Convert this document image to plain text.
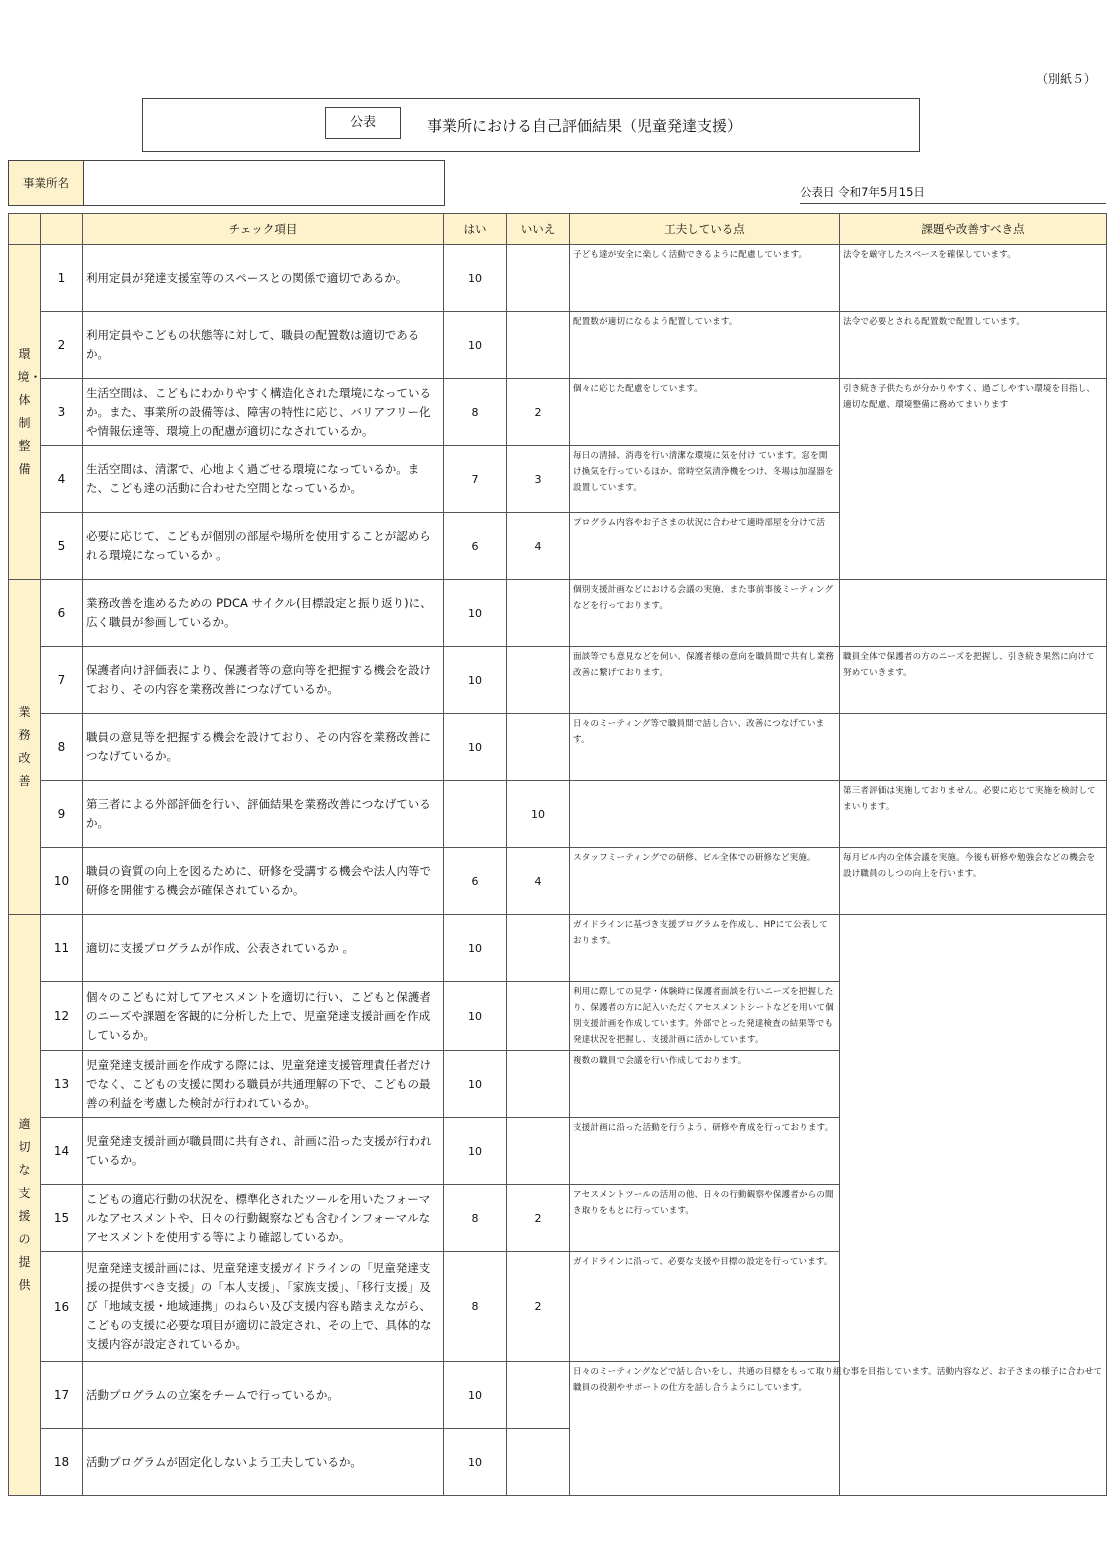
（別紙５）
公表	事業所における自己評価結果（児童発達支援）
事業所名	
公表日 令和7年5月15日
		チェック項目	はい	いいえ	工夫している点	課題や改善すべき点

環境・体制整備	1	利用定員が発達支援室等のスペースとの関係で適切であるか。	10		子ども達が安全に楽しく活動できるように配慮しています。	法令を厳守したスペースを確保しています。
	2	利用定員やこどもの状態等に対して、職員の配置数は適切であるか。	10		配置数が適切になるよう配置しています。	法令で必要とされる配置数で配置しています。
	3	生活空間は、こどもにわかりやすく構造化された環境になっているか。また、事業所の設備等は、障害の特性に応じ、バリアフリー化や情報伝達等、環境上の配慮が適切になされているか。	8	2	個々に応じた配慮をしています。	引き続き子供たちが分かりやすく、過ごしやすい環境を目指し、適切な配慮、環境整備に務めてまいります
	4	生活空間は、清潔で、心地よく過ごせる環境になっているか。また、こども達の活動に合わせた空間となっているか。	7	3	毎日の清掃、消毒を行い清潔な環境に気を付け ています。窓を開け換気を行っているほか、常時空気清浄機をつけ、冬場は加湿器を設置しています。	
	5	必要に応じて、こどもが個別の部屋や場所を使用することが認められる環境になっているか 。	6	4	プログラム内容やお子さまの状況に合わせて適時部屋を分けて活	

業務改善	6	業務改善を進めるための PDCA サイクル(目標設定と振り返り)に、広く職員が参画しているか。	10		個別支援計画などにおける会議の実施、また事前事後ミーティングなどを行っております。	
	7	保護者向け評価表により、保護者等の意向等を把握する機会を設けており、その内容を業務改善につなげているか。	10		面談等でも意見などを伺い、保護者様の意向を職員間で共有し業務改善に繋げております。	職員全体で保護者の方のニーズを把握し、引き続き果然に向けて努めていきます。
	8	職員の意見等を把握する機会を設けており、その内容を業務改善につなげているか。	10		日々のミーティング等で職員間で話し合い、改善につなげています。	
	9	第三者による外部評価を行い、評価結果を業務改善につなげているか。		10		第三者評価は実施しておりません。必要に応じて実施を検討してまいります。
	10	職員の資質の向上を図るために、研修を受講する機会や法人内等で研修を開催する機会が確保されているか。	6	4	スタッフミーティングでの研修、ビル全体での研修など実施。	毎月ビル内の全体会議を実施。今後も研修や勉強会などの機会を設け職員のしつの向上を行います。

適切な支援の提供	11	適切に支援プログラムが作成、公表されているか 。	10		ガイドラインに基づき支援プログラムを作成し、HPにて公表しております。	
	12	個々のこどもに対してアセスメントを適切に行い、こどもと保護者のニーズや課題を客観的に分析した上で、児童発達支援計画を作成しているか。	10		利用に際しての見学・体験時に保護者面談を行いニーズを把握したり、保護者の方に記入いただくアセスメントシートなどを用いて個別支援計画を作成しています。外部でとった発達検査の結果等でも発達状況を把握し、支援計画に活かしています。	
	13	児童発達支援計画を作成する際には、児童発達支援管理責任者だけでなく、こどもの支援に関わる職員が共通理解の下で、こどもの最善の利益を考慮した検討が行われているか。	10		複数の職員で会議を行い作成しております。	
	14	児童発達支援計画が職員間に共有され、計画に沿った支援が行われているか。	10		支援計画に沿った活動を行うよう、研修や育成を行っております。	
	15	こどもの適応行動の状況を、標準化されたツールを用いたフォーマルなアセスメントや、日々の行動観察なども含むインフォーマルなアセスメントを使用する等により確認しているか。	8	2	アセスメントツールの活用の他、日々の行動観察や保護者からの聞き取りをもとに行っています。	
	16	児童発達支援計画には、児童発達支援ガイドラインの「児童発達支援の提供すべき支援」の「本人支援」、「家族支援」、「移行支援」及び「地域支援・地域連携」のねらい及び支援内容も踏まえながら、こどもの支援に必要な項目が適切に設定され、その上で、具体的な支援内容が設定されているか。	8	2	ガイドラインに沿って、必要な支援や目標の設定を行っています。	
	17	活動プログラムの立案をチームで行っているか。	10		日々のミーティングなどで話し合いをし、共通の目標をもって取り組む事を目指しています。活動内容など、お子さまの様子に合わせて職員の役割やサポートの仕方を話し合うようにしています。	
	18	活動プログラムが固定化しないよう工夫しているか。	10			
